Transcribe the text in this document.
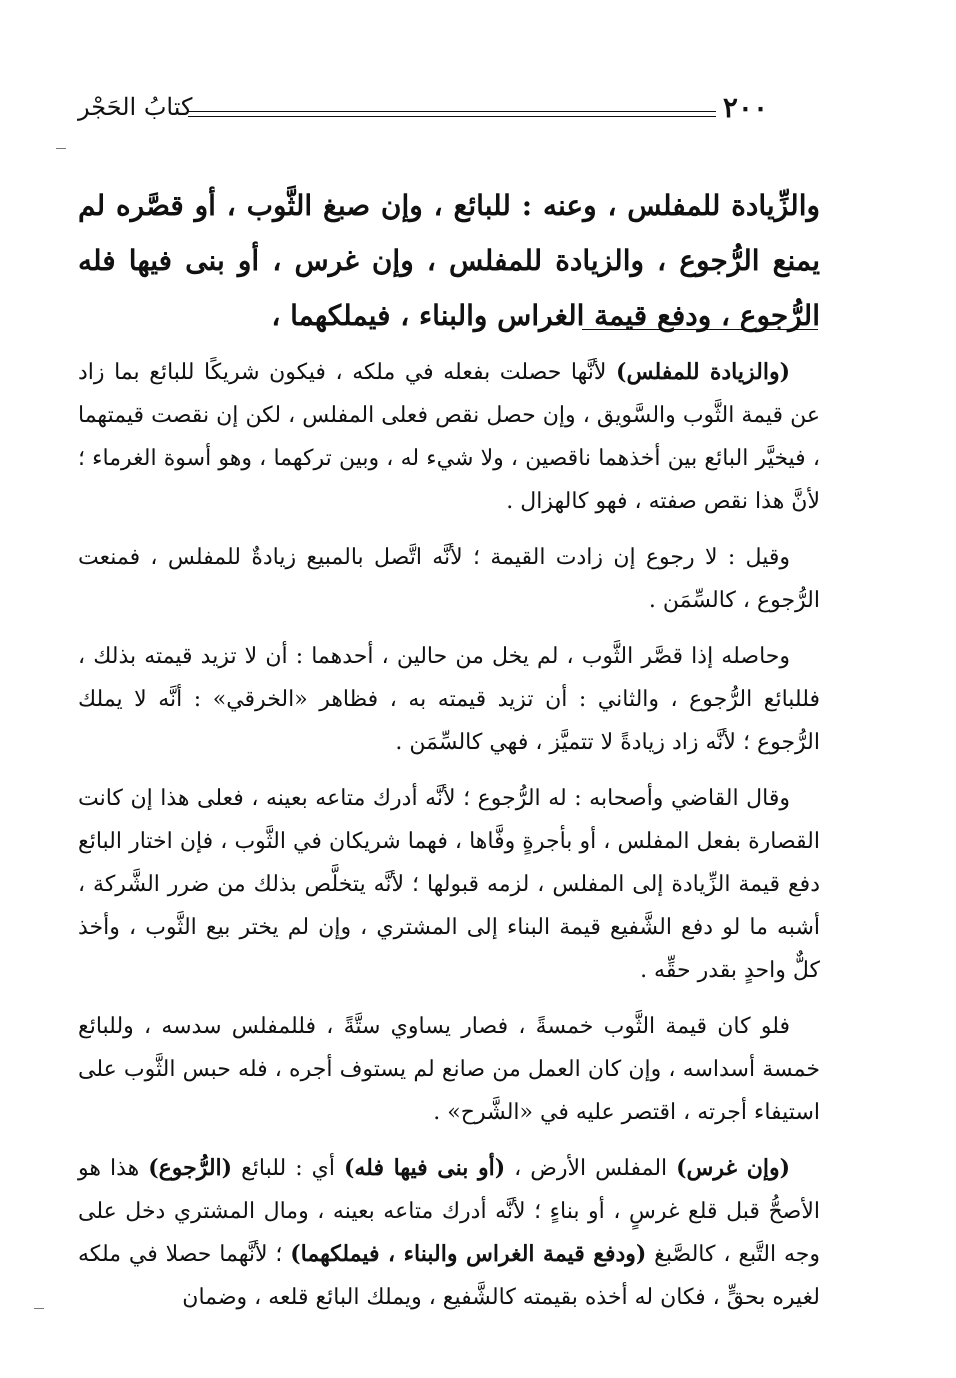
٢٠٠
كتابُ الحَجْر
والزِّيادة للمفلس ، وعنه : للبائع ، وإن صبغ الثَّوب ، أو قصَّره لم يمنع الرُّجوع ، والزيادة للمفلس ، وإن غرس ، أو بنى فيها فله الرُّجوع ، ودفع قيمة الغراس والبناء ، فيملكهما ،

(والزيادة للمفلس) لأنَّها حصلت بفعله في ملكه ، فيكون شريكًا للبائع بما زاد عن قيمة الثَّوب والسَّويق ، وإن حصل نقص فعلى المفلس ، لكن إن نقصت قيمتهما ، فيخيَّر البائع بين أخذهما ناقصين ، ولا شيء له ، وبين تركهما ، وهو أسوة الغرماء ؛ لأنَّ هذا نقص صفته ، فهو كالهزال .

وقيل : لا رجوع إن زادت القيمة ؛ لأنَّه اتَّصل بالمبيع زيادةٌ للمفلس ، فمنعت الرُّجوع ، كالسِّمَن .

وحاصله إذا قصَّر الثَّوب ، لم يخل من حالين ، أحدهما : أن لا تزيد قيمته بذلك ، فللبائع الرُّجوع ، والثاني : أن تزيد قيمته به ، فظاهر «الخرقي» : أنَّه لا يملك الرُّجوع ؛ لأنَّه زاد زيادةً لا تتميَّز ، فهي كالسِّمَن .

وقال القاضي وأصحابه : له الرُّجوع ؛ لأنَّه أدرك متاعه بعينه ، فعلى هذا إن كانت القصارة بفعل المفلس ، أو بأجرةٍ وفَّاها ، فهما شريكان في الثَّوب ، فإن اختار البائع دفع قيمة الزِّيادة إلى المفلس ، لزمه قبولها ؛ لأنَّه يتخلَّص بذلك من ضرر الشَّركة ، أشبه ما لو دفع الشَّفيع قيمة البناء إلى المشتري ، وإن لم يختر بيع الثَّوب ، وأخذ كلٌّ واحدٍ بقدر حقِّه .

فلو كان قيمة الثَّوب خمسةً ، فصار يساوي ستَّةً ، فللمفلس سدسه ، وللبائع خمسة أسداسه ، وإن كان العمل من صانع لم يستوف أجره ، فله حبس الثَّوب على استيفاء أجرته ، اقتصر عليه في «الشَّرح» .

(وإن غرس) المفلس الأرض ، (أو بنى فيها فله) أي : للبائع (الرُّجوع) هذا هو الأصحُّ قبل قلع غرسٍ ، أو بناءٍ ؛ لأنَّه أدرك متاعه بعينه ، ومال المشتري دخل على وجه التَّبع ، كالصَّبغ (ودفع قيمة الغراس والبناء ، فيملكهما) ؛ لأنَّهما حصلا في ملكه لغيره بحقٍّ ، فكان له أخذه بقيمته كالشَّفيع ، ويملك البائع قلعه ، وضمان
